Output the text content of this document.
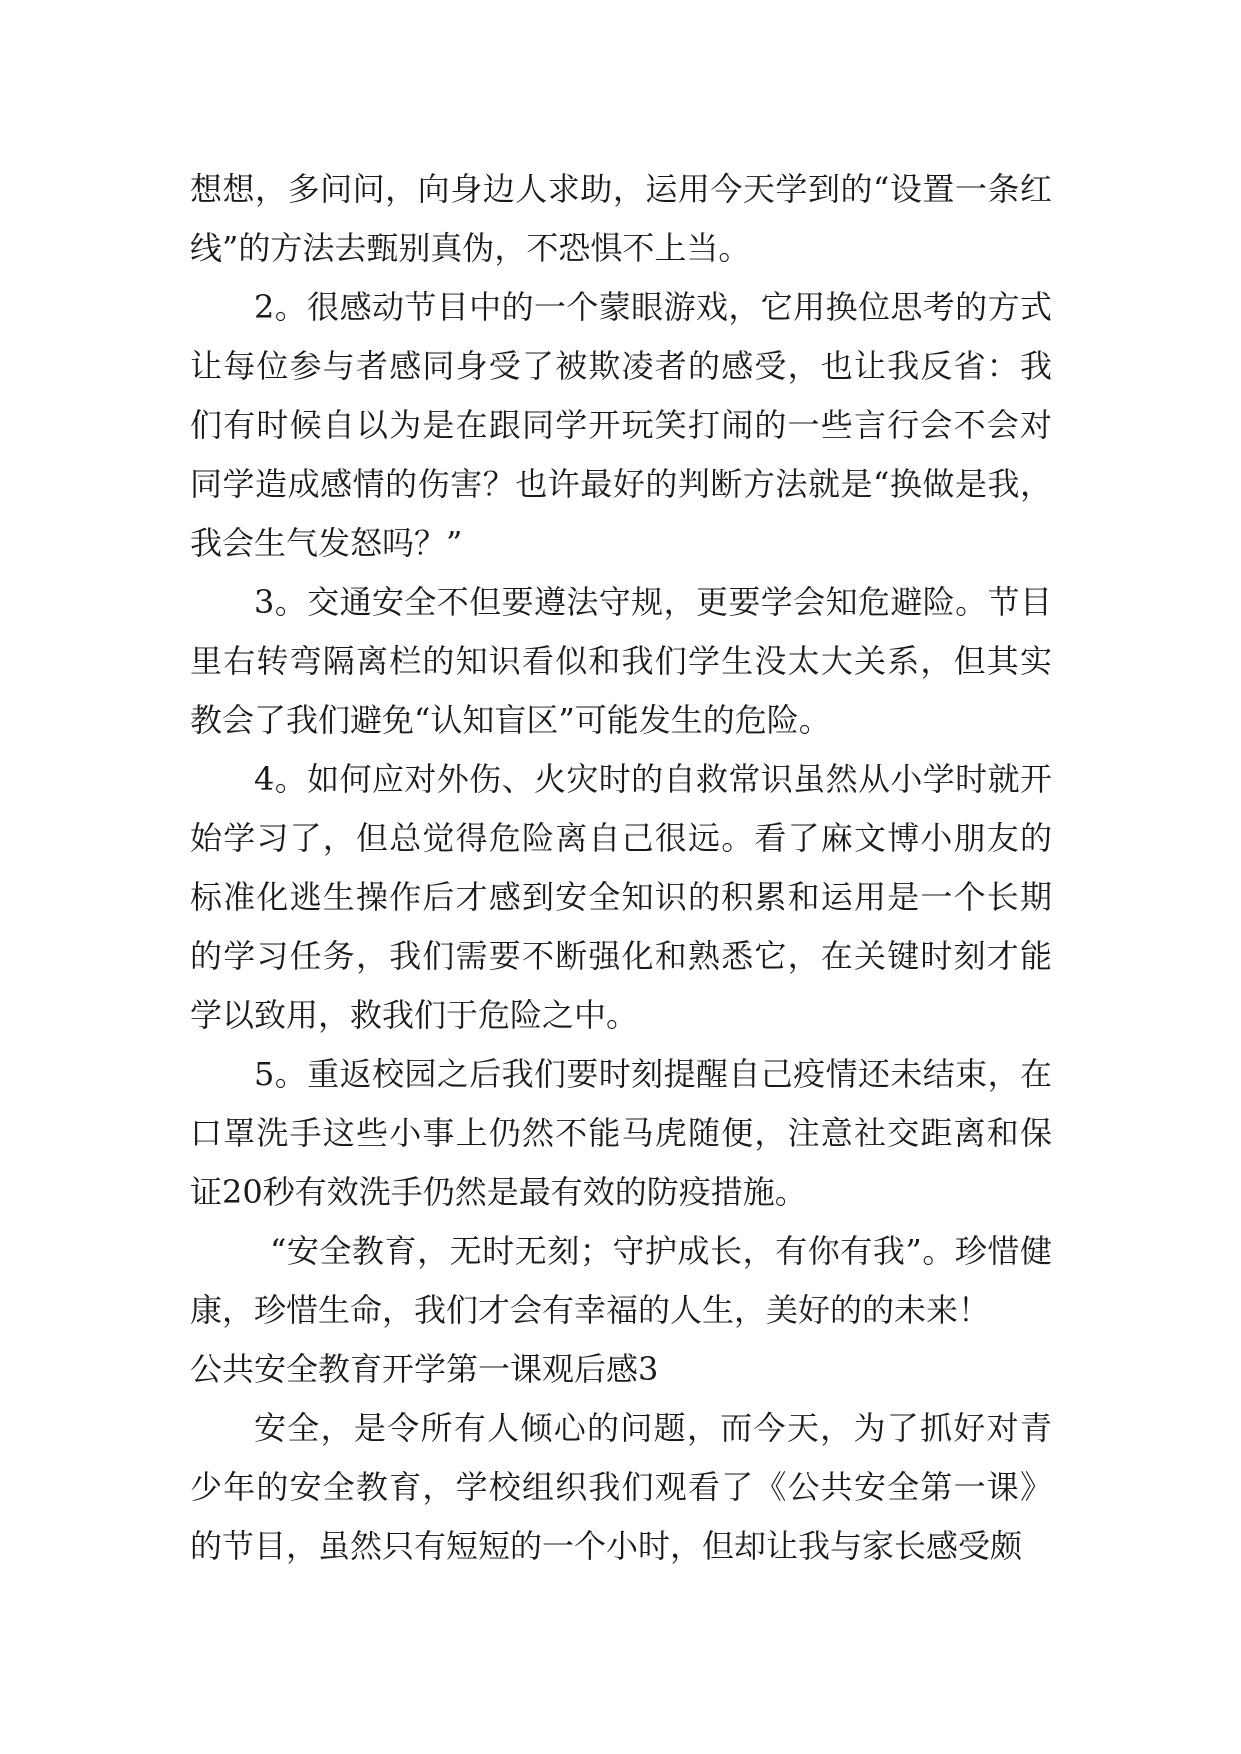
想想，多问问，向身边人求助，运用今天学到的“设置一条红线”的方法去甄别真伪，不恐惧不上当。

2。很感动节目中的一个蒙眼游戏，它用换位思考的方式让每位参与者感同身受了被欺凌者的感受，也让我反省：我们有时候自以为是在跟同学开玩笑打闹的一些言行会不会对同学造成感情的伤害？也许最好的判断方法就是“换做是我，我会生气发怒吗？”

3。交通安全不但要遵法守规，更要学会知危避险。节目里右转弯隔离栏的知识看似和我们学生没太大关系，但其实教会了我们避免“认知盲区”可能发生的危险。

4。如何应对外伤、火灾时的自救常识虽然从小学时就开始学习了，但总觉得危险离自己很远。看了麻文博小朋友的标准化逃生操作后才感到安全知识的积累和运用是一个长期的学习任务，我们需要不断强化和熟悉它，在关键时刻才能学以致用，救我们于危险之中。

5。重返校园之后我们要时刻提醒自己疫情还未结束，在口罩洗手这些小事上仍然不能马虎随便，注意社交距离和保证20秒有效洗手仍然是最有效的防疫措施。

“安全教育，无时无刻；守护成长，有你有我”。珍惜健康，珍惜生命，我们才会有幸福的人生，美好的的未来！

公共安全教育开学第一课观后感3

安全，是令所有人倾心的问题，而今天，为了抓好对青少年的安全教育，学校组织我们观看了《公共安全第一课》的节目，虽然只有短短的一个小时，但却让我与家长感受颇
